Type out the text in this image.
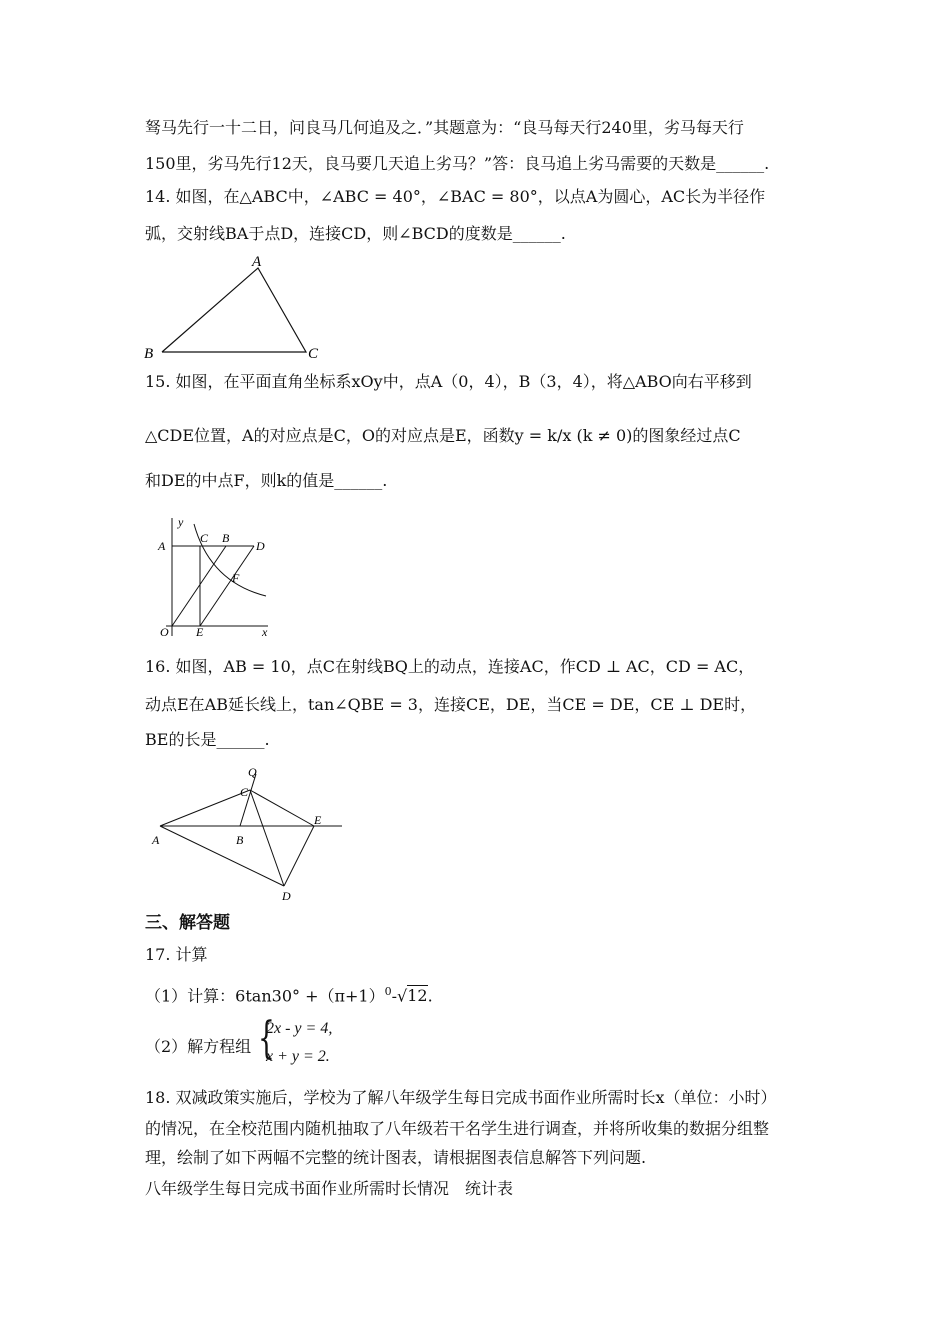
驽马先行一十二日，问良马几何追及之．”其题意为：“良马每天行240里，劣马每天行
150里，劣马先行12天，良马要几天追上劣马？”答：良马追上劣马需要的天数是______.
14. 如图，在△ABC中，∠ABC = 40°，∠BAC = 80°，以点A为圆心，AC长为半径作
弧，交射线BA于点D，连接CD，则∠BCD的度数是______.
A
B	C
15. 如图，在平面直角坐标系xOy中，点A（0，4），B（3，4），将△ABO向右平移到
△CDE位置，A的对应点是C，O的对应点是E，函数y = k/x (k ≠ 0)的图象经过点C
和DE的中点F，则k的值是______.
y
x
A
C B
D
F
O E
16. 如图，AB = 10，点C在射线BQ上的动点，连接AC，作CD ⊥ AC，CD = AC，
动点E在AB延长线上，tan∠QBE = 3，连接CE，DE，当CE = DE，CE ⊥ DE时，
BE的长是______.
Q
C
A	B
E
D
三、解答题
17. 计算
（1）计算：$6\tan 30^\circ +(\pi+1)^0-√12$.
（2）解方程组 {
2x - y = 4,
x + y = 2.
18. 双减政策实施后，学校为了解八年级学生每日完成书面作业所需时长x（单位：小时）
的情况，在全校范围内随机抽取了八年级若干名学生进行调查，并将所收集的数据分组整
理，绘制了如下两幅不完整的统计图表，请根据图表信息解答下列问题.
八年级学生每日完成书面作业所需时长情况　统计表
